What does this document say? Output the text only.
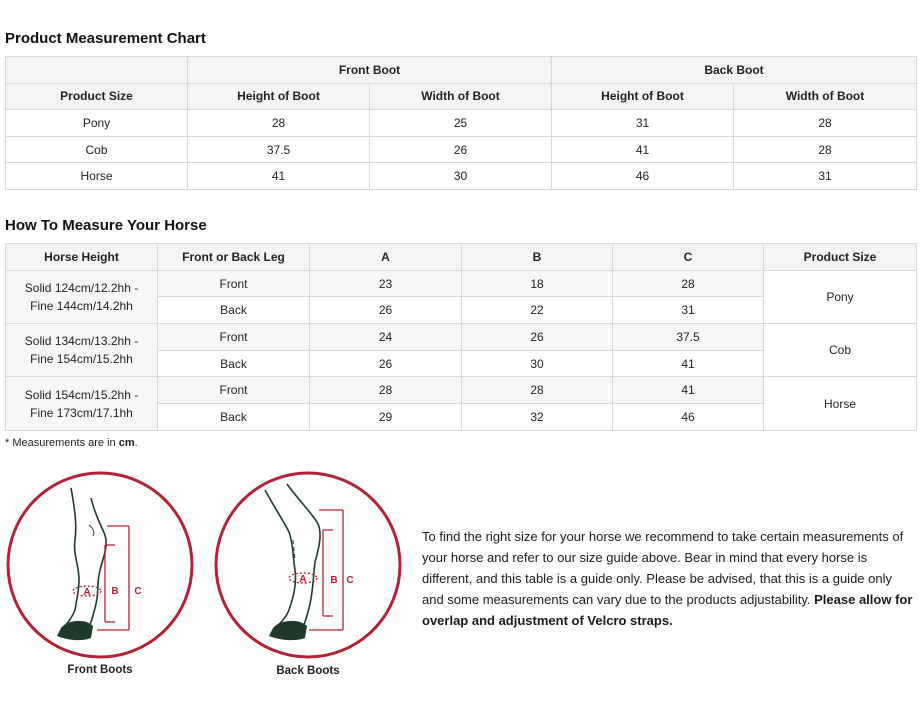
Product Measurement Chart
	Front Boot		Back Boot	
Product Size	Height of Boot	Width of Boot	Height of Boot	Width of Boot
Pony	28	25	31	28
Cob	37.5	26	41	28
Horse	41	30	46	31
How To Measure Your Horse
Horse Height	Front or Back Leg	A	B	C	Product Size
Solid 124cm/12.2hh -
Fine 144cm/14.2hh	Front	23	18	28	Pony
	Back	26	22	31	
Solid 134cm/13.2hh -
Fine 154cm/15.2hh	Front	24	26	37.5	Cob
	Back	26	30	41	
Solid 154cm/15.2hh -
Fine 173cm/17.1hh	Front	28	28	41	Horse
	Back	29	32	46	
* Measurements are in cm.
A B C
Front Boots
A B C
Back Boots
To find the right size for your horse we recommend to take certain measurements of your horse and refer to our size guide above. Bear in mind that every horse is different, and this table is a guide only. Please be advised, that this is a guide only and some measurements can vary due to the products adjustability. Please allow for overlap and adjustment of Velcro straps.
